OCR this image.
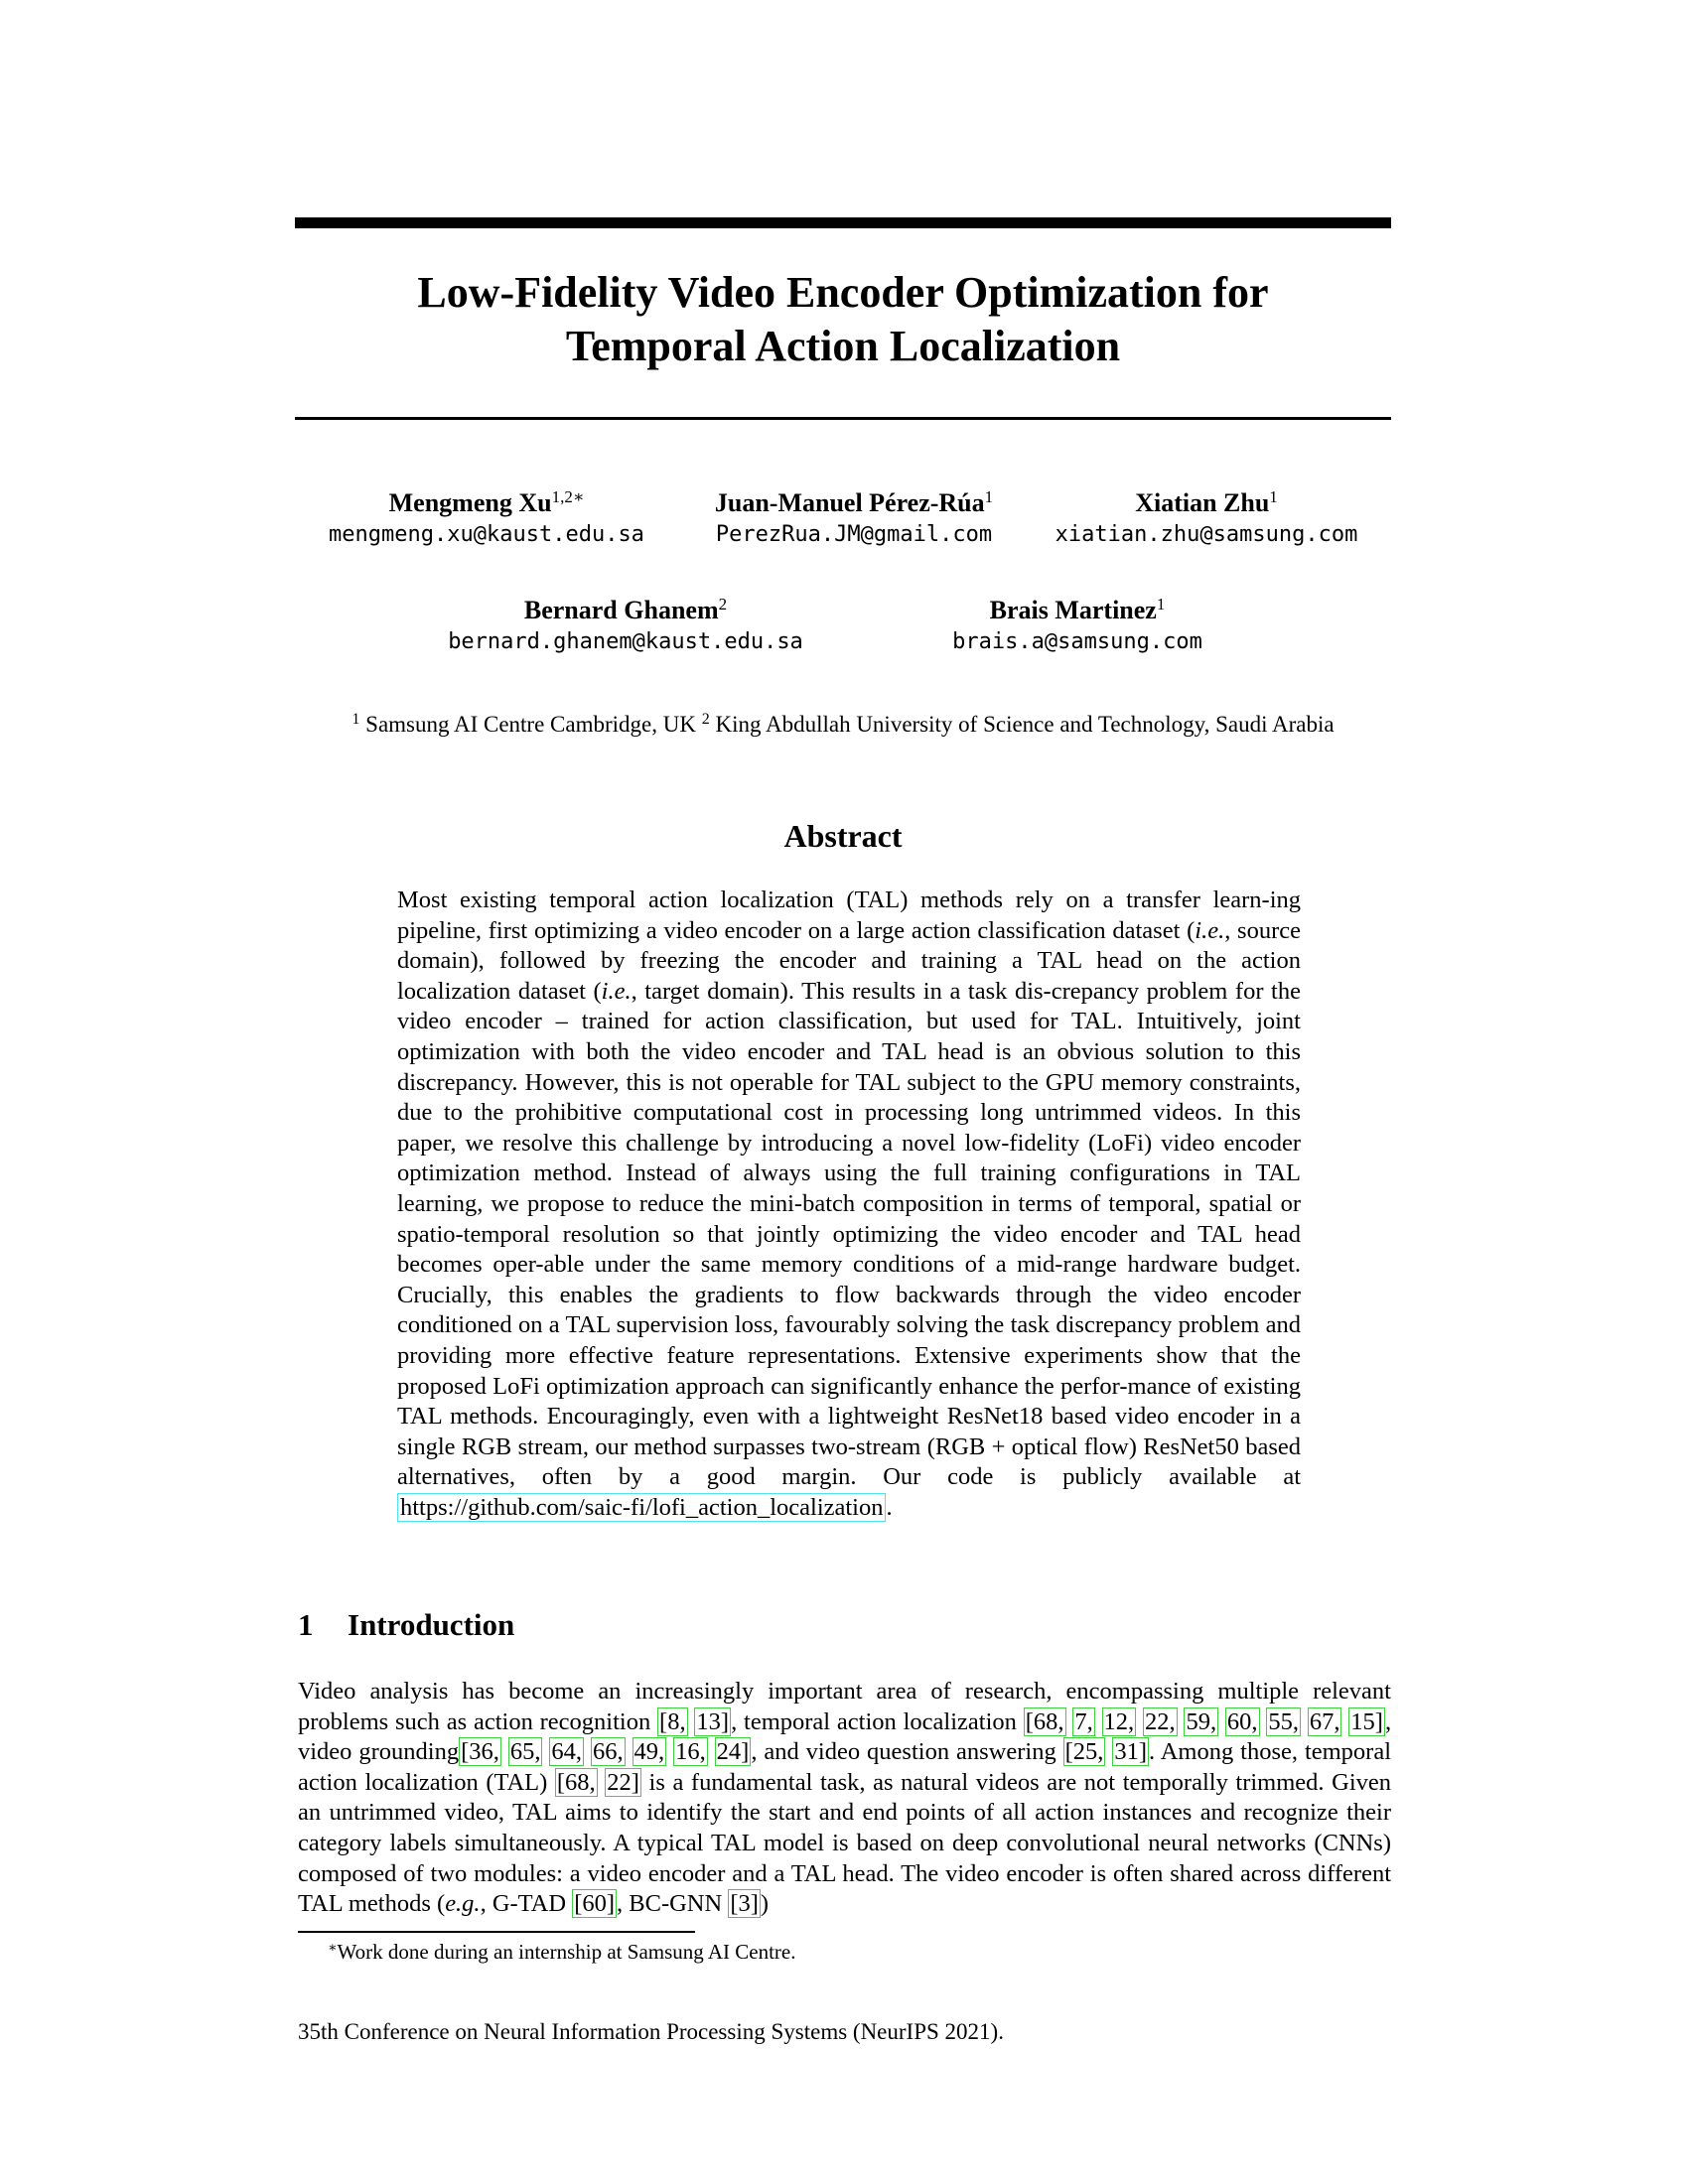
Low-Fidelity Video Encoder Optimization for
Temporal Action Localization
Mengmeng $Xu^{1,2∗}$
mengmeng.xu@kaust.edu.sa
Juan-Manuel Pérez-Rúa$^1$
PerezRua.JM@gmail.com
Xiatian Zhu$^1$
xiatian.zhu@samsung.com
Bernard Ghanem$^2$
bernard.ghanem@kaust.edu.sa
Brais Martinez$^1$
brais.a@samsung.com
$^1$ Samsung AI Centre Cambridge, UK $^2$ King Abdullah University of Science and Technology, Saudi Arabia
Abstract
Most existing temporal action localization (TAL) methods rely on a transfer learn-ing pipeline, first optimizing a video encoder on a large action classification dataset (i.e., source domain), followed by freezing the encoder and training a TAL head on the action localization dataset (i.e., target domain). This results in a task dis-crepancy problem for the video encoder – trained for action classification, but used for TAL. Intuitively, joint optimization with both the video encoder and TAL head is an obvious solution to this discrepancy. However, this is not operable for TAL subject to the GPU memory constraints, due to the prohibitive computational cost in processing long untrimmed videos. In this paper, we resolve this challenge by introducing a novel low-fidelity (LoFi) video encoder optimization method. Instead of always using the full training configurations in TAL learning, we propose to reduce the mini-batch composition in terms of temporal, spatial or spatio-temporal resolution so that jointly optimizing the video encoder and TAL head becomes oper-able under the same memory conditions of a mid-range hardware budget. Crucially, this enables the gradients to flow backwards through the video encoder conditioned on a TAL supervision loss, favourably solving the task discrepancy problem and providing more effective feature representations. Extensive experiments show that the proposed LoFi optimization approach can significantly enhance the perfor-mance of existing TAL methods. Encouragingly, even with a lightweight ResNet18 based video encoder in a single RGB stream, our method surpasses two-stream (RGB + optical flow) ResNet50 based alternatives, often by a good margin. Our code is publicly available at https://github.com/saic-fi/lofi_action_localization .
1 Introduction
Video analysis has become an increasingly important area of research, encompassing multiple relevant problems such as action recognition [8, 13], temporal action localization [68, 7, 12, 22, 59, 60, 55, 67, 15], video grounding[36, 65, 64, 66, 49, 16, 24], and video question answering [25, 31]. Among those, temporal action localization (TAL) [68, 22] is a fundamental task, as natural videos are not temporally trimmed. Given an untrimmed video, TAL aims to identify the start and end points of all action instances and recognize their category labels simultaneously. A typical TAL model is based on deep convolutional neural networks (CNNs) composed of two modules: a video encoder and a TAL head. The video encoder is often shared across different TAL methods (e.g., G-TAD [60], BC-GNN [3])
∗Work done during an internship at Samsung AI Centre.
35th Conference on Neural Information Processing Systems (NeurIPS 2021).
